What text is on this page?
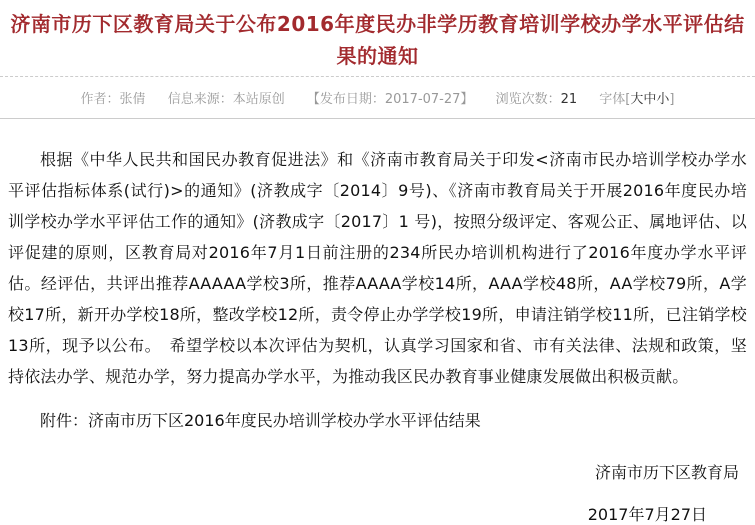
济南市历下区教育局关于公布2016年度民办非学历教育培训学校办学水平评估结果的通知
作者：张倩 信息来源：本站原创 【发布日期：2017-07-27】 浏览次数：21 字体[大中小]

根据《中华人民共和国民办教育促进法》和《济南市教育局关于印发<济南市民办培训学校办学水平评估指标体系(试行)>的通知》(济教成字〔2014〕9号)、《济南市教育局关于开展2016年度民办培训学校办学水平评估工作的通知》(济教成字〔2017〕1 号)，按照分级评定、客观公正、属地评估、以评促建的原则，区教育局对2016年7月1日前注册的234所民办培训机构进行了2016年度办学水平评估。经评估，共评出推荐AAAAA学校3所，推荐AAAA学校14所，AAA学校48所，AA学校79所，A学校17所，新开办学校18所，整改学校12所，责令停止办学学校19所，申请注销学校11所，已注销学校13所，现予以公布。　希望学校以本次评估为契机，认真学习国家和省、市有关法律、法规和政策，坚持依法办学、规范办学，努力提高办学水平，为推动我区民办教育事业健康发展做出积极贡献。

附件：济南市历下区2016年度民办培训学校办学水平评估结果

济南市历下区教育局

2017年7月27日
